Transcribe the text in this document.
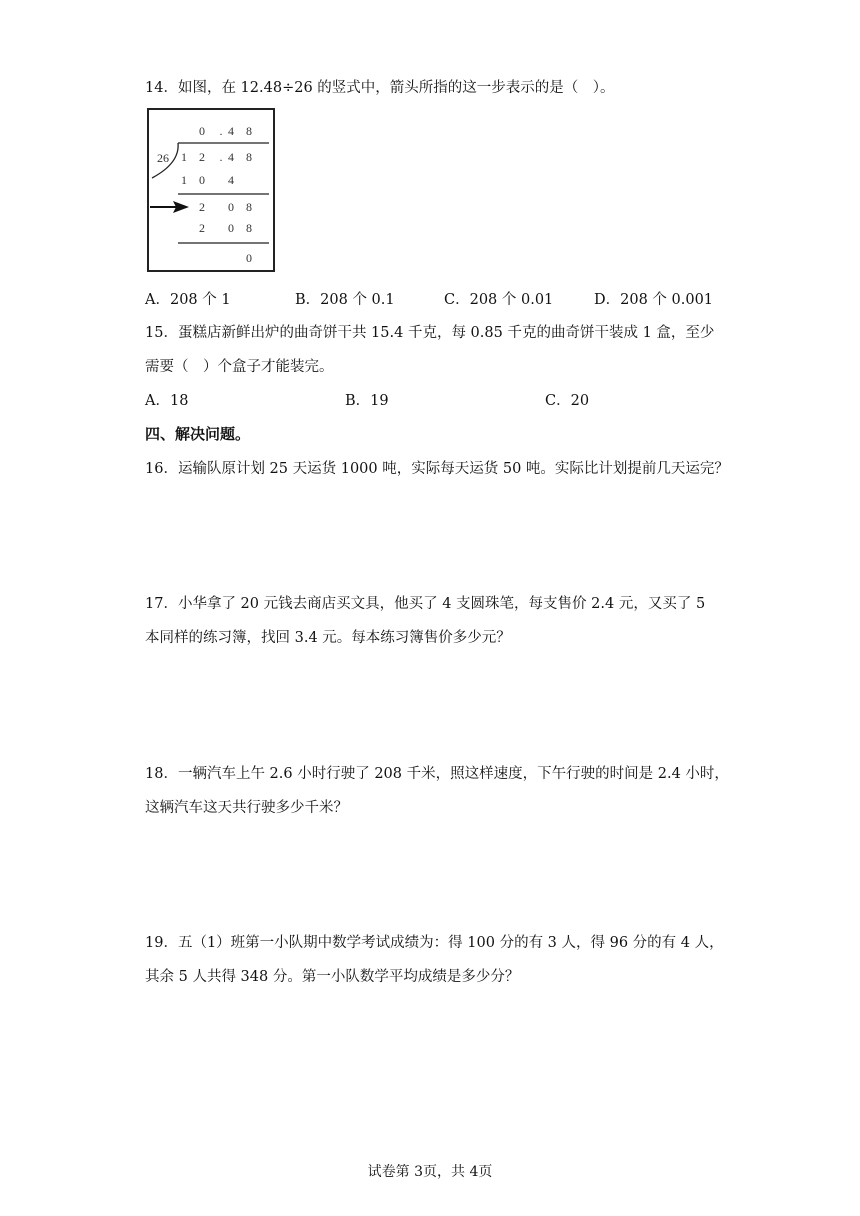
14．如图，在 12.48÷26 的竖式中，箭头所指的这一步表示的是（　）。
0 . 4 8
26 1 2 . 4 8
1 0 4
2 0 8
2 0 8
0
A．208 个 1	B．208 个 0.1	C．208 个 0.01	D．208 个 0.001
15．蛋糕店新鲜出炉的曲奇饼干共 15.4 千克，每 0.85 千克的曲奇饼干装成 1 盒，至少
需要（　）个盒子才能装完。
A．18	B．19	C．20
四、解决问题。
16．运输队原计划 25 天运货 1000 吨，实际每天运货 50 吨。实际比计划提前几天运完？
17．小华拿了 20 元钱去商店买文具，他买了 4 支圆珠笔，每支售价 2.4 元，又买了 5
本同样的练习簿，找回 3.4 元。每本练习簿售价多少元？
18．一辆汽车上午 2.6 小时行驶了 208 千米，照这样速度，下午行驶的时间是 2.4 小时，
这辆汽车这天共行驶多少千米？
19．五（1）班第一小队期中数学考试成绩为：得 100 分的有 3 人，得 96 分的有 4 人，
其余 5 人共得 348 分。第一小队数学平均成绩是多少分？
试卷第 3页，共 4页
